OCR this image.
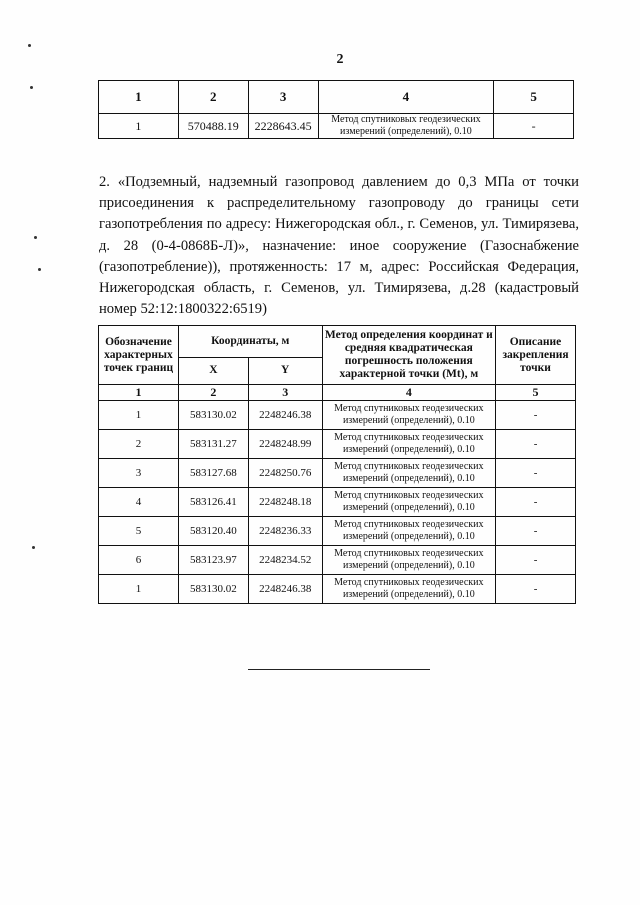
2
1	2	3	4	5
1	570488.19	2228643.45	Метод спутниковых геодезических измерений (определений), 0.10	-
2. «Подземный, надземный газопровод давлением до 0,3 МПа от точки присоединения к распределительному газопроводу до границы сети газопотребления по адресу: Нижегородская обл., г. Семенов, ул. Тимирязева, д. 28 (0-4-0868Б-Л)», назначение: иное сооружение (Газоснабжение (газопотребление)), протяженность: 17 м, адрес: Российская Федерация, Нижегородская область, г. Семенов, ул. Тимирязева, д.28 (кадастровый номер 52:12:1800322:6519)
Обозначение характерных точек границ	Координаты, м		Метод определения координат и средняя квадратическая погрешность положения характерной точки (Mt), м	Описание закрепления точки
	X	Y		
1	2	3	4	5
1	583130.02	2248246.38	Метод спутниковых геодезических измерений (определений), 0.10	-
2	583131.27	2248248.99	Метод спутниковых геодезических измерений (определений), 0.10	-
3	583127.68	2248250.76	Метод спутниковых геодезических измерений (определений), 0.10	-
4	583126.41	2248248.18	Метод спутниковых геодезических измерений (определений), 0.10	-
5	583120.40	2248236.33	Метод спутниковых геодезических измерений (определений), 0.10	-
6	583123.97	2248234.52	Метод спутниковых геодезических измерений (определений), 0.10	-
1	583130.02	2248246.38	Метод спутниковых геодезических измерений (определений), 0.10	-
